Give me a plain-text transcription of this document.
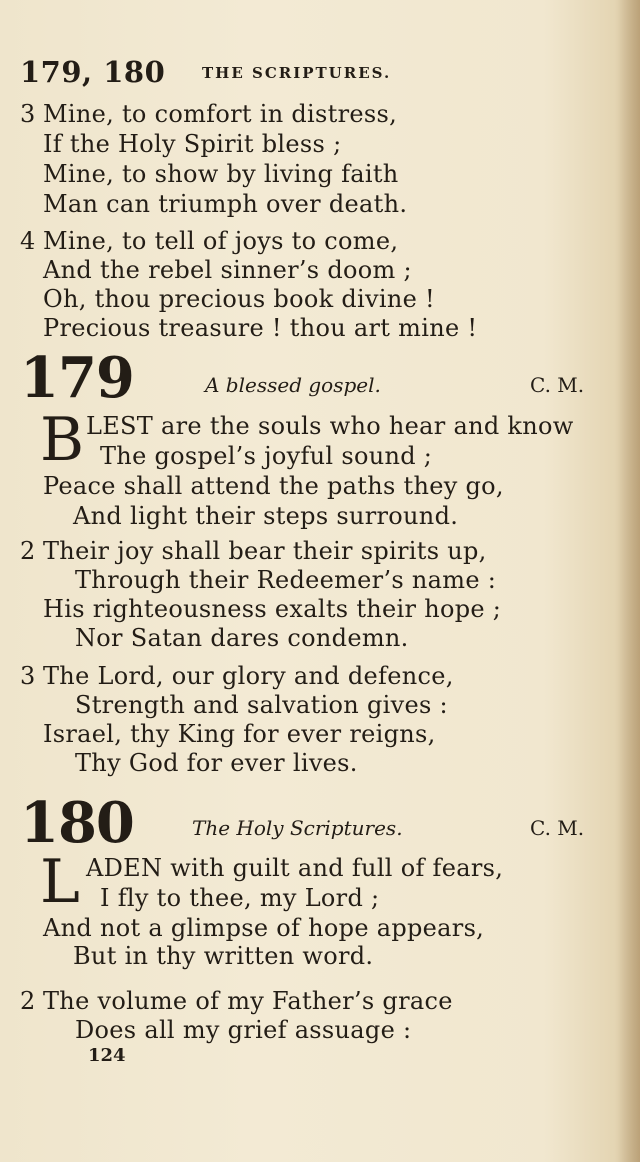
179, 180 THE SCRIPTURES.
3 Mine, to comfort in distress,
If the Holy Spirit bless ;
Mine, to show by living faith
Man can triumph over death.
4 Mine, to tell of joys to come,
And the rebel sinner’s doom ;
Oh, thou precious book divine !
Precious treasure ! thou art mine !
179	A blessed gospel.	C. M.
B LEST are the souls who hear and know
The gospel’s joyful sound ;
Peace shall attend the paths they go,
And light their steps surround.
2 Their joy shall bear their spirits up,
Through their Redeemer’s name :
His righteousness exalts their hope ;
Nor Satan dares condemn.
3 The Lord, our glory and defence,
Strength and salvation gives :
Israel, thy King for ever reigns,
Thy God for ever lives.
180	The Holy Scriptures.	C. M.
L ADEN with guilt and full of fears,
I fly to thee, my Lord ;
And not a glimpse of hope appears,
But in thy written word.
2 The volume of my Father’s grace
Does all my grief assuage :
124
